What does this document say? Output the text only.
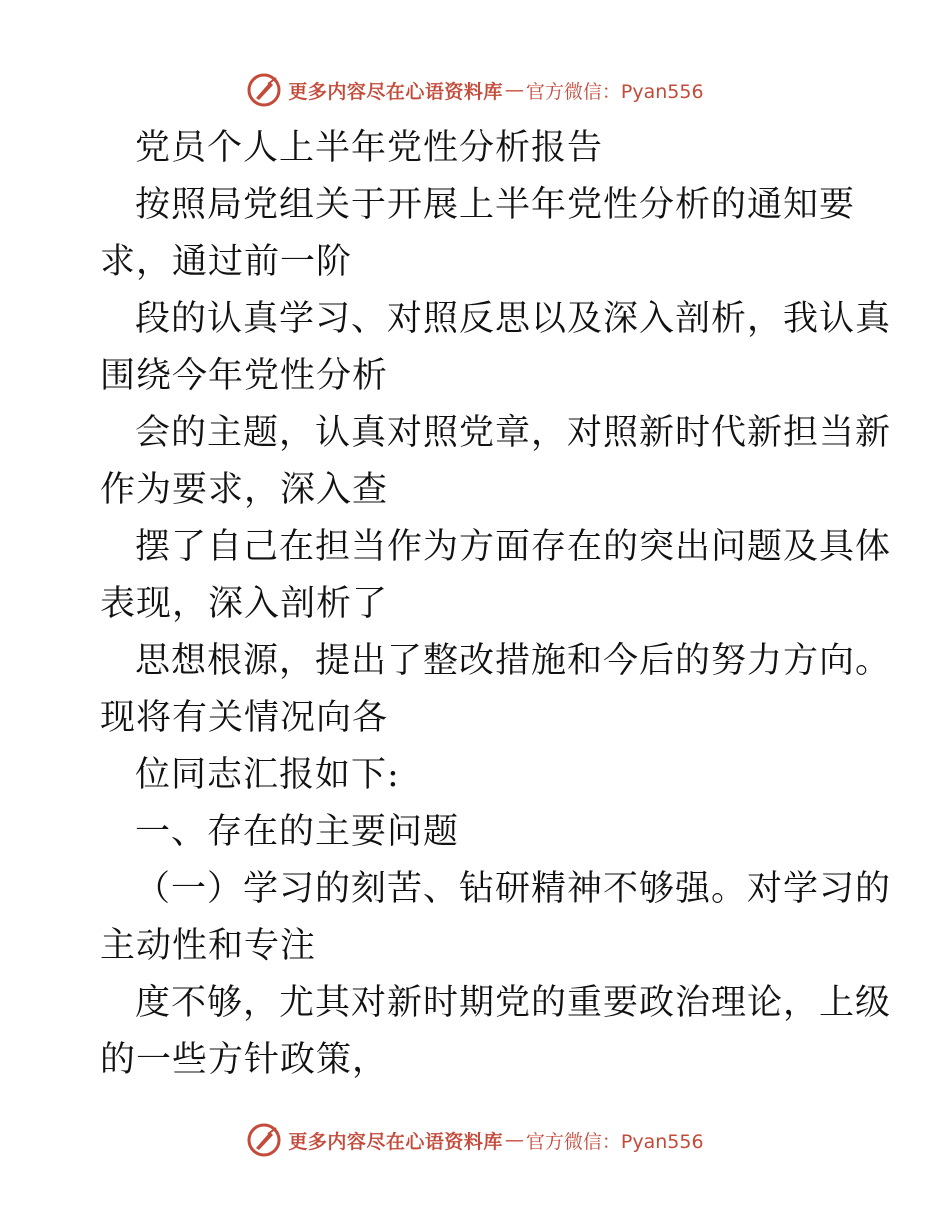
更多内容尽在心语资料库 — 官方微信：Pyan556
党员个人上半年党性分析报告
按照局党组关于开展上半年党性分析的通知要
求，通过前一阶
段的认真学习、对照反思以及深入剖析，我认真
围绕今年党性分析
会的主题，认真对照党章，对照新时代新担当新
作为要求，深入查
摆了自己在担当作为方面存在的突出问题及具体
表现，深入剖析了
思想根源，提出了整改措施和今后的努力方向。
现将有关情况向各
位同志汇报如下:
一、存在的主要问题
（一）学习的刻苦、钻研精神不够强。对学习的
主动性和专注
度不够，尤其对新时期党的重要政治理论，上级
的一些方针政策，
更多内容尽在心语资料库 — 官方微信：Pyan556
